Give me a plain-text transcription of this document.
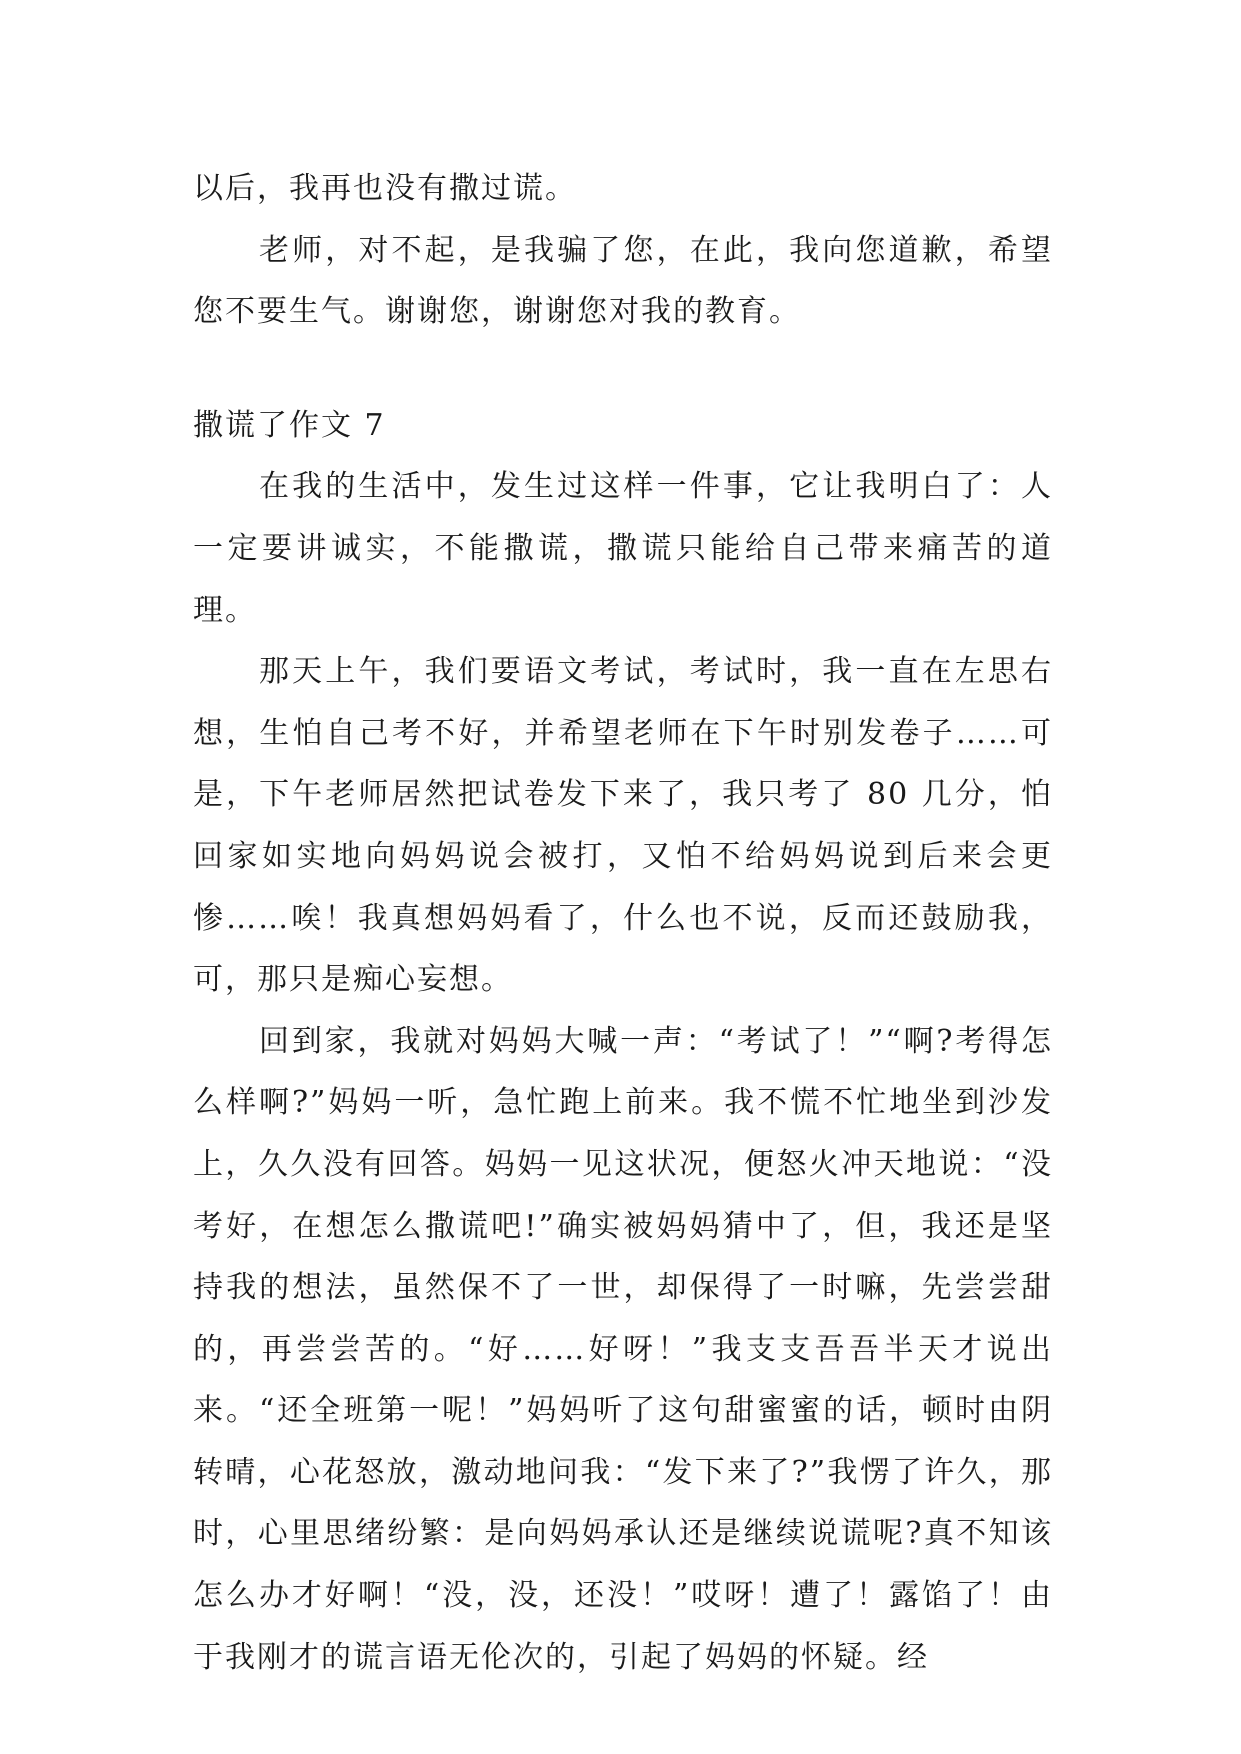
以后，我再也没有撒过谎。

老师，对不起，是我骗了您，在此，我向您道歉，希望您不要生气。谢谢您，谢谢您对我的教育。

撒谎了作文 7

在我的生活中，发生过这样一件事，它让我明白了：人一定要讲诚实，不能撒谎，撒谎只能给自己带来痛苦的道理。

那天上午，我们要语文考试，考试时，我一直在左思右想，生怕自己考不好，并希望老师在下午时别发卷子……可是，下午老师居然把试卷发下来了，我只考了 80 几分，怕回家如实地向妈妈说会被打，又怕不给妈妈说到后来会更惨……唉！我真想妈妈看了，什么也不说，反而还鼓励我，可，那只是痴心妄想。

回到家，我就对妈妈大喊一声：“考试了！”“啊?考得怎么样啊?”妈妈一听，急忙跑上前来。我不慌不忙地坐到沙发上，久久没有回答。妈妈一见这状况，便怒火冲天地说：“没考好，在想怎么撒谎吧!”确实被妈妈猜中了，但，我还是坚持我的想法，虽然保不了一世，却保得了一时嘛，先尝尝甜的，再尝尝苦的。“好……好呀！”我支支吾吾半天才说出来。“还全班第一呢！”妈妈听了这句甜蜜蜜的话，顿时由阴转晴，心花怒放，激动地问我：“发下来了?”我愣了许久，那时，心里思绪纷繁：是向妈妈承认还是继续说谎呢?真不知该怎么办才好啊！“没，没，还没！”哎呀！遭了！露馅了！由于我刚才的谎言语无伦次的，引起了妈妈的怀疑。经
